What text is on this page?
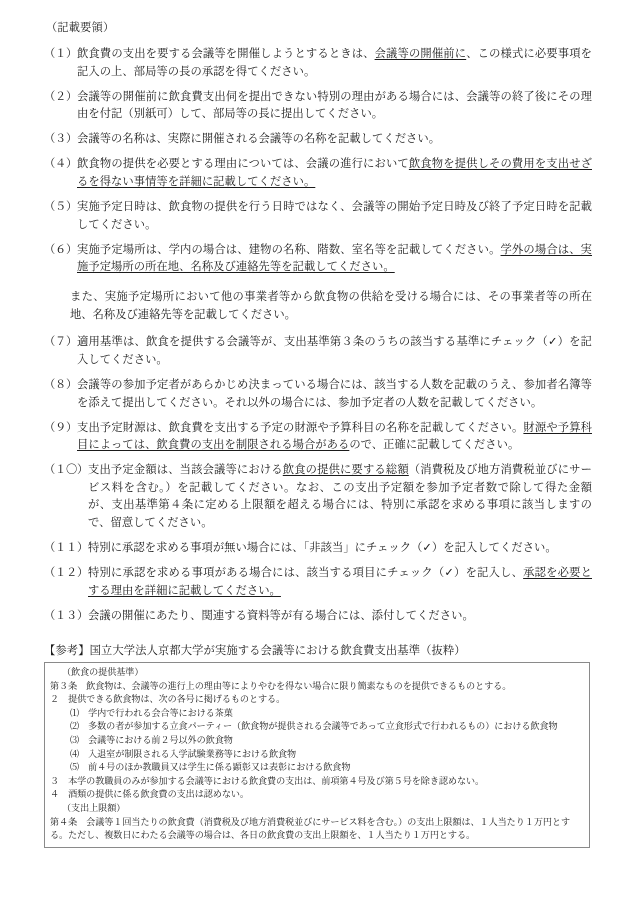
（記載要領）
（１） 飲食費の支出を要する会議等を開催しようとするときは、会議等の開催前に、この様式に必要事項を記入の上、部局等の長の承認を得てください。
（２） 会議等の開催前に飲食費支出伺を提出できない特別の理由がある場合には、会議等の終了後にその理由を付記（別紙可）して、部局等の長に提出してください。
（３） 会議等の名称は、実際に開催される会議等の名称を記載してください。
（４） 飲食物の提供を必要とする理由については、会議の進行において飲食物を提供しその費用を支出せざるを得ない事情等を詳細に記載してください。
（５） 実施予定日時は、飲食物の提供を行う日時ではなく、会議等の開始予定日時及び終了予定日時を記載してください。
（６） 実施予定場所は、学内の場合は、建物の名称、階数、室名等を記載してください。学外の場合は、実施予定場所の所在地、名称及び連絡先等を記載してください。
また、実施予定場所において他の事業者等から飲食物の供給を受ける場合には、その事業者等の所在地、名称及び連絡先等を記載してください。
（７） 適用基準は、飲食を提供する会議等が、支出基準第３条のうちの該当する基準にチェック（✓）を記入してください。
（８） 会議等の参加予定者があらかじめ決まっている場合には、該当する人数を記載のうえ、参加者名簿等を添えて提出してください。それ以外の場合には、参加予定者の人数を記載してください。
（９） 支出予定財源は、飲食費を支出する予定の財源や予算科目の名称を記載してください。財源や予算科目によっては、飲食費の支出を制限される場合があるので、正確に記載してください。
（１〇） 支出予定金額は、当該会議等における飲食の提供に要する総額（消費税及び地方消費税並びにサービス料を含む。）を記載してください。なお、この支出予定額を参加予定者数で除して得た金額が、支出基準第４条に定める上限額を超える場合には、特別に承認を求める事項に該当しますので、留意してください。
（１１） 特別に承認を求める事項が無い場合には、「非該当」にチェック（✓）を記入してください。
（１２） 特別に承認を求める事項がある場合には、該当する項目にチェック（✓）を記入し、承認を必要とする理由を詳細に記載してください。
（１３） 会議の開催にあたり、関連する資料等が有る場合には、添付してください。
【参考】国立大学法人京都大学が実施する会議等における飲食費支出基準（抜粋）
（飲食の提供基準）
第３条　飲食物は、会議等の進行上の理由等によりやむを得ない場合に限り簡素なものを提供できるものとする。
２　提供できる飲食物は、次の各号に掲げるものとする。
⑴　学内で行われる会合等における茶菓
⑵　多数の者が参加する立食パーティー（飲食物が提供される会議等であって立食形式で行われるもの）における飲食物
⑶　会議等における前２号以外の飲食物
⑷　入退室が制限される入学試験業務等における飲食物
⑸　前４号のほか教職員又は学生に係る顕彰又は表彰における飲食物
３　本学の教職員のみが参加する会議等における飲食費の支出は、前項第４号及び第５号を除き認めない。
４　酒類の提供に係る飲食費の支出は認めない。
（支出上限額）
第４条　会議等１回当たりの飲食費（消費税及び地方消費税並びにサービス料を含む。）の支出上限額は、１人当たり１万円とする。ただし、複数日にわたる会議等の場合は、各日の飲食費の支出上限額を、１人当たり１万円とする。
